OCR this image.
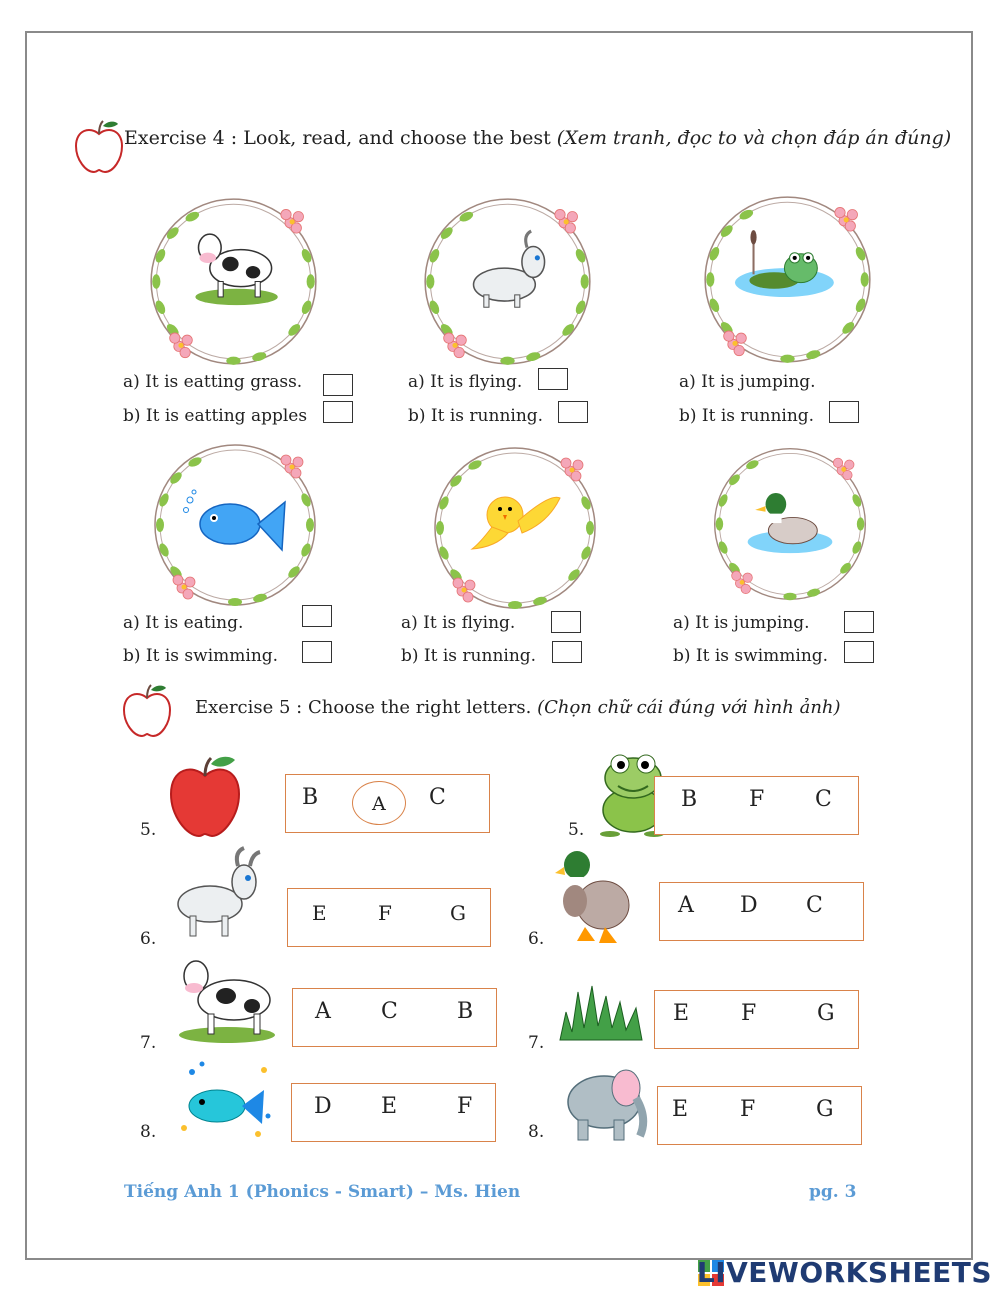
Exercise 4 : Look, read, and choose the best (Xem tranh, đọc to và chọn đáp án đúng)
a) It is eatting grass.
b) It is eatting apples
a) It is flying.
b) It is running.
a) It is jumping.
b) It is running.
a) It is eating.
b) It is swimming.
a) It is flying.
b) It is running.
a) It is jumping.
b) It is swimming.
Exercise 5 : Choose the right letters. (Chọn chữ cái đúng với hình ảnh)
5.
6.
7.
8.
B	A C
E	F	G
A C	B
D E	F
5.
6.
7.
8.
B F C
A D C
E F	G
E F	G
Tiếng Anh 1 (Phonics - Smart) – Ms. Hien	pg. 3
LIVEWORKSHEETS
